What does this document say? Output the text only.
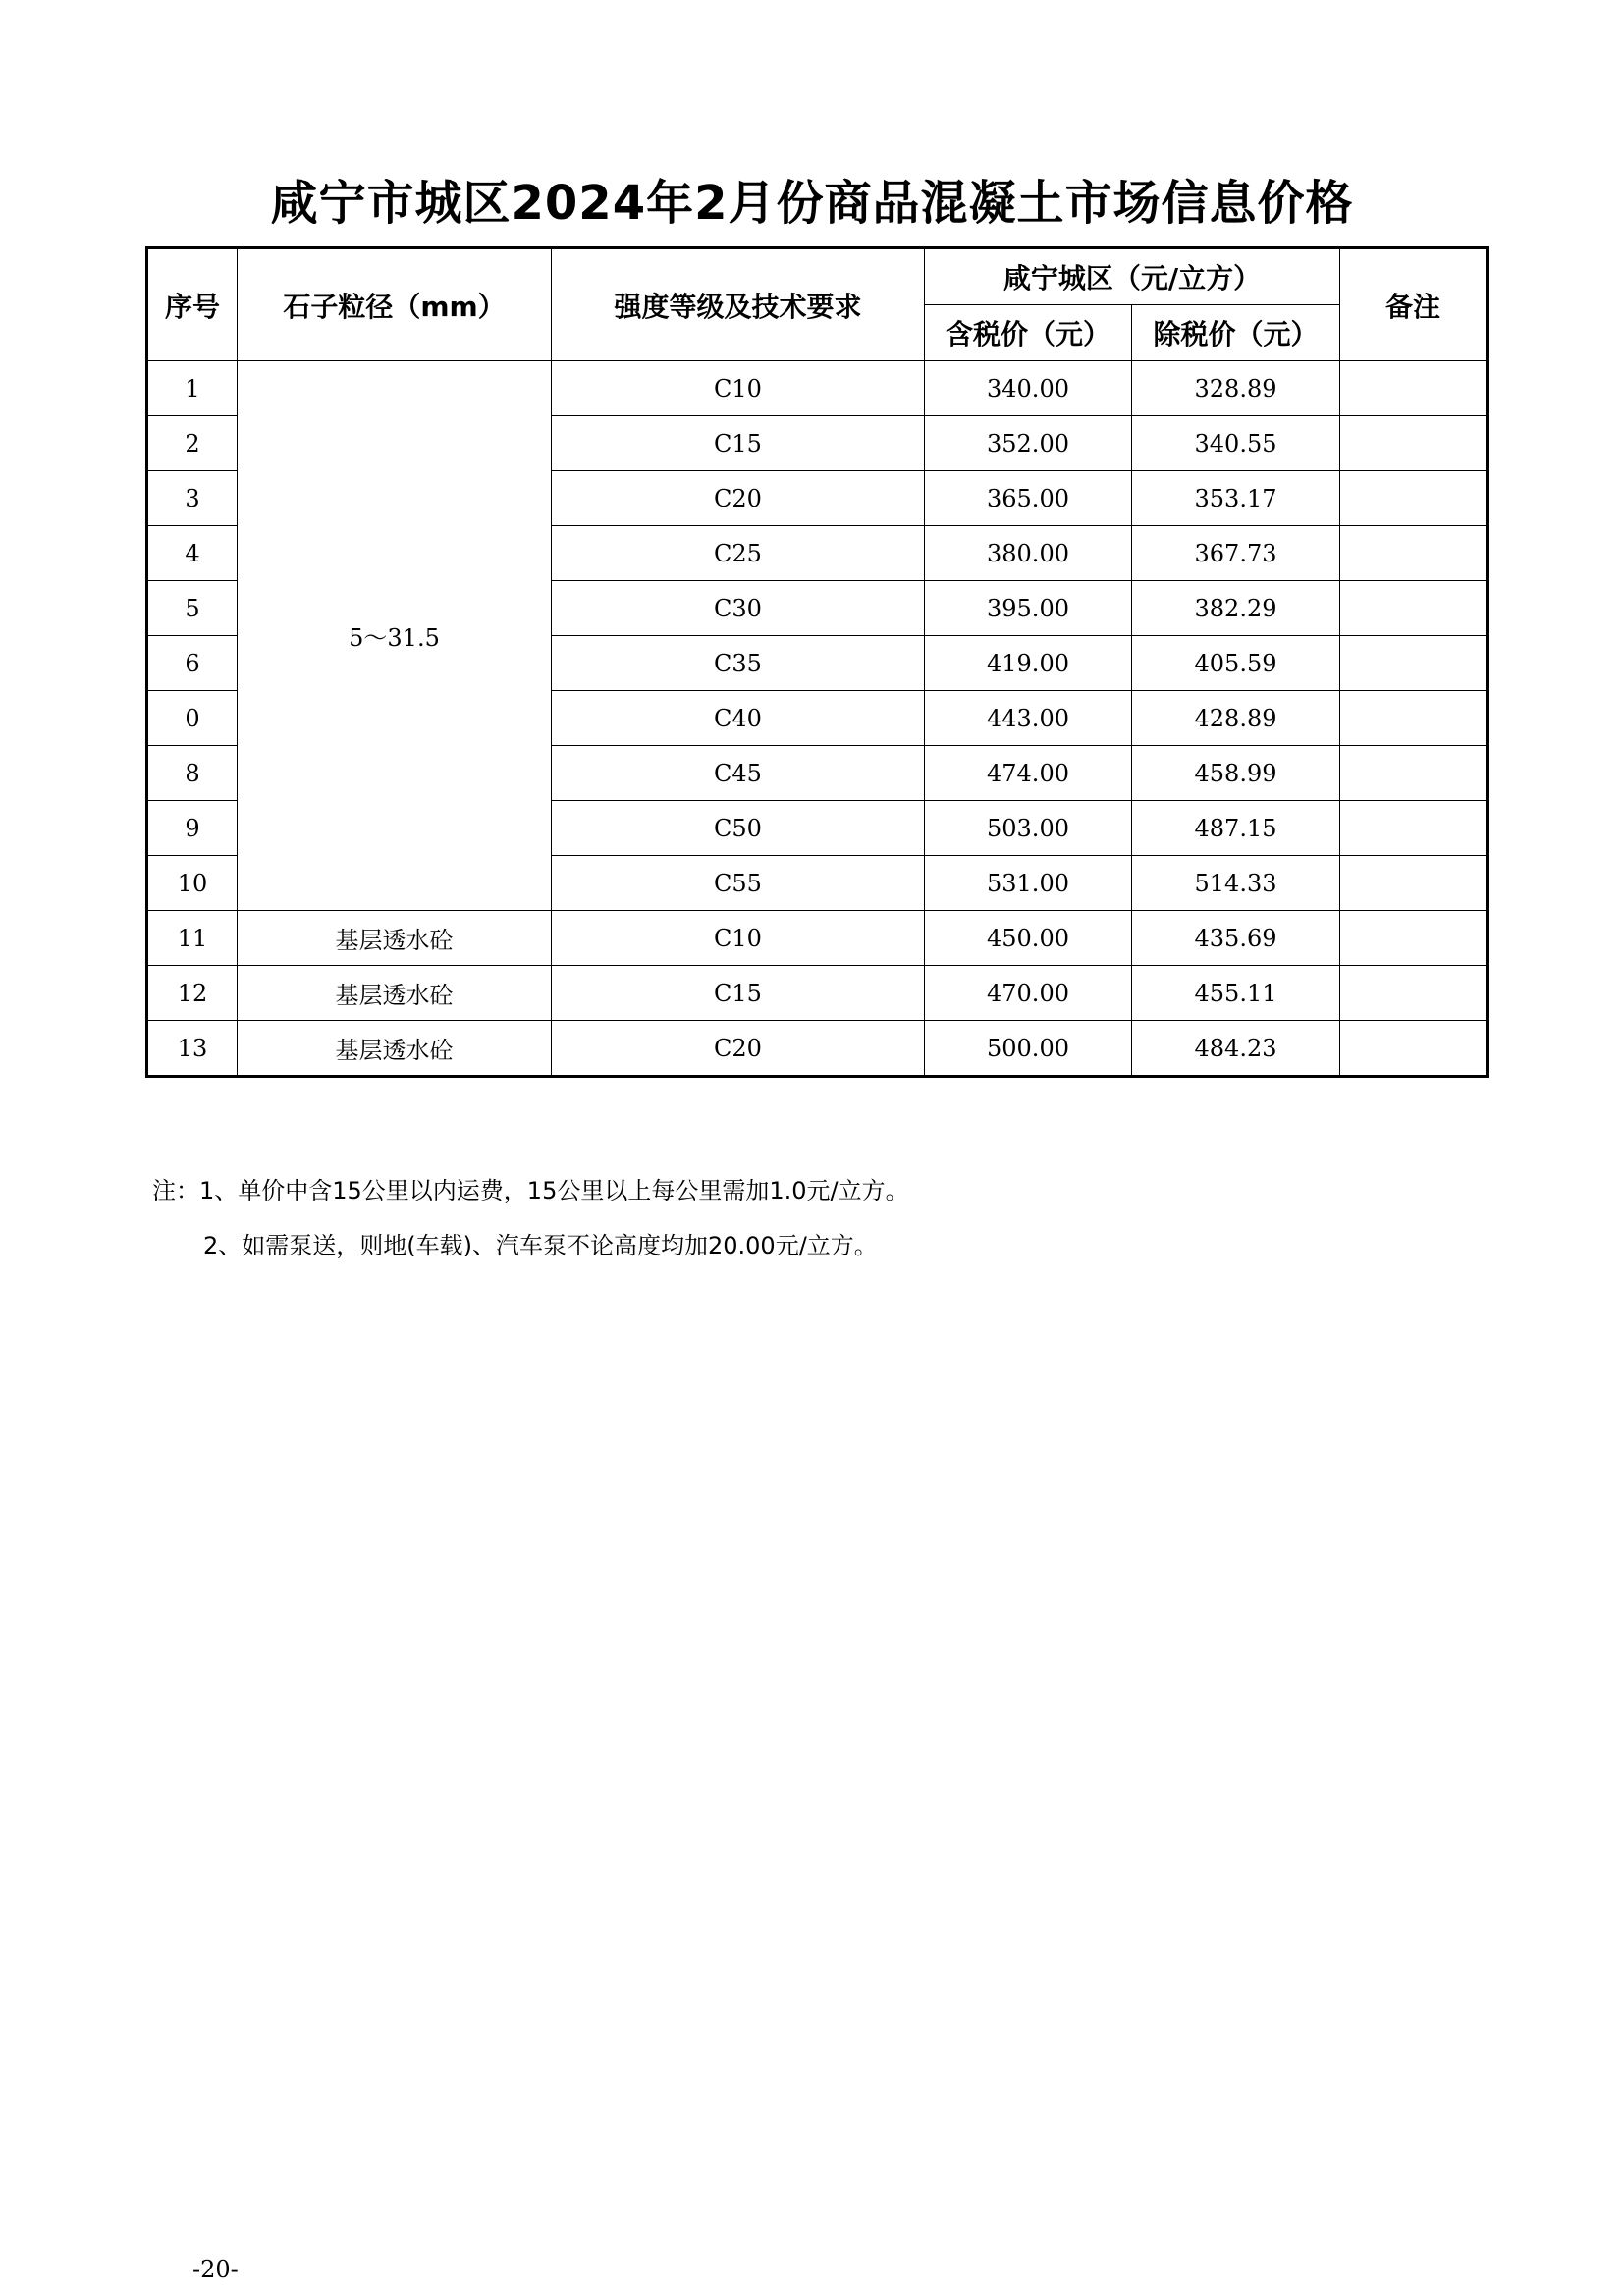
咸宁市城区2024年2月份商品混凝土市场信息价格
序号	石子粒径（mm）	强度等级及技术要求	咸宁城区（元/立方）		备注
			含税价（元）	除税价（元）	
1	5～31.5	C10	340.00	328.89	
2		C15	352.00	340.55	
3		C20	365.00	353.17	
4		C25	380.00	367.73	
5		C30	395.00	382.29	
6		C35	419.00	405.59	
0		C40	443.00	428.89	
8		C45	474.00	458.99	
9		C50	503.00	487.15	
10		C55	531.00	514.33	
11	基层透水砼	C10	450.00	435.69	
12	基层透水砼	C15	470.00	455.11	
13	基层透水砼	C20	500.00	484.23	
注：1、单价中含15公里以内运费，15公里以上每公里需加1.0元/立方。
2、如需泵送，则地(车载)、汽车泵不论高度均加20.00元/立方。
-20-
